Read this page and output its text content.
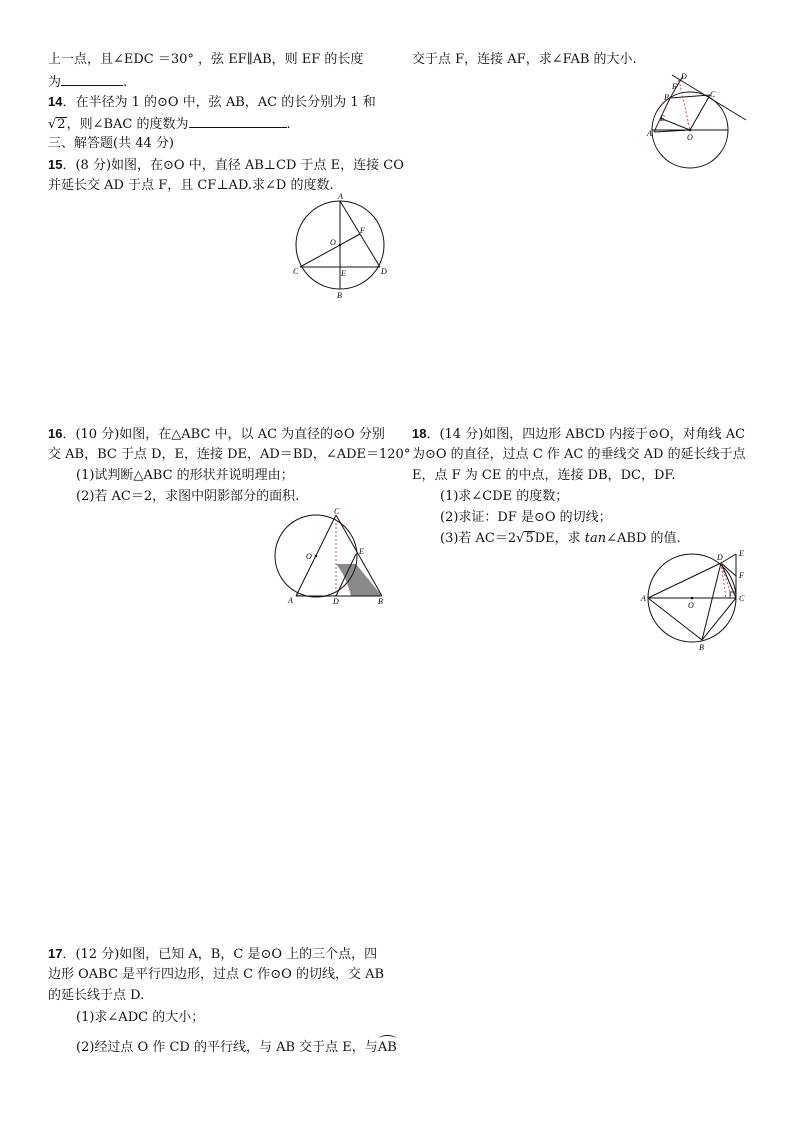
上一点，且∠EDC ＝30° ，弦 EF∥AB，则 EF 的长度
为	.
14．在半径为 1 的⊙O 中，弦 AB，AC 的长分别为 1 和
√2，则∠BAC 的度数为	.
三、解答题(共 44 分)
15．(8 分)如图，在⊙O 中，直径 AB⊥CD 于点 E，连接 CO
并延长交 AD 于点 F，且 CF⊥AD.求∠D 的度数.
A
O
F
C	E	D
B
16．(10 分)如图，在△ABC 中，以 AC 为直径的⊙O 分别
交 AB，BC 于点 D，E，连接 DE，AD＝BD，∠ADE＝120° .
(1)试判断△ABC 的形状并说明理由；
(2)若 AC＝2，求图中阴影部分的面积.
C
O
E
A	D	B
17．(12 分)如图，已知 A，B，C 是⊙O 上的三个点，四
边形 OABC 是平行四边形，过点 C 作⊙O 的切线，交 AB
的延长线于点 D.
(1)求∠ADC 的大小；
(2)经过点 O 作 CD 的平行线，与 AB 交于点 E，与AB
交于点 F，连接 AF，求∠FAB 的大小.
D
C
F
B
E
A	O
18．(14 分)如图，四边形 ABCD 内接于⊙O，对角线 AC
为⊙O 的直径，过点 C 作 AC 的垂线交 AD 的延长线于点
E，点 F 为 CE 的中点，连接 DB，DC，DF.
(1)求∠CDE 的度数；
(2)求证：DF 是⊙O 的切线；
(3)若 AC＝2√5DE，求 tan∠ABD 的值.
D E
F
A
O
C
B
